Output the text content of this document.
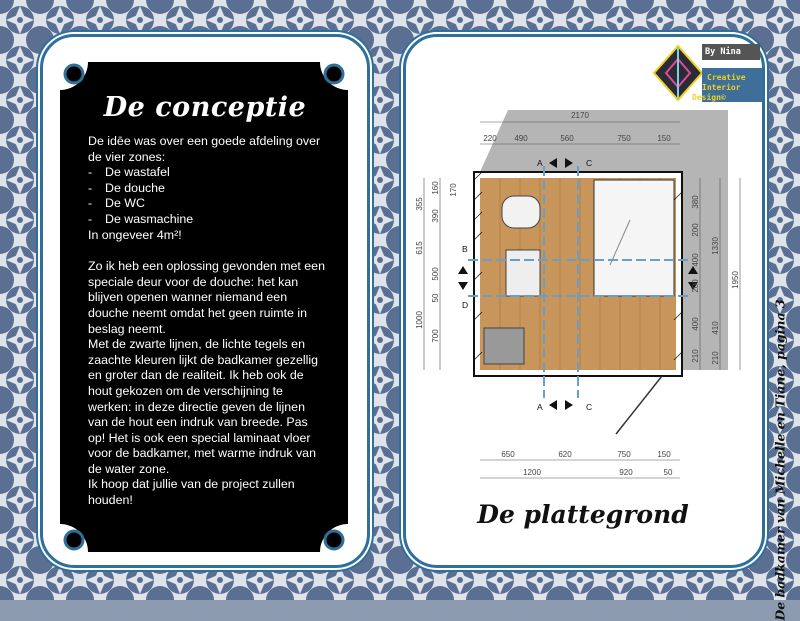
De conceptie

De idēe was over een goede afdeling over de vier zones:

- De wastafel
- De douche
- De WC
- De wasmachine

In ongeveer 4m²!

Zo ik heb een oplossing gevonden met een speciale deur voor de douche: het kan blijven openen wanner niemand een douche neemt omdat het geen ruimte in beslag neemt.
Met de zwarte lijnen, de lichte tegels en zaachte kleuren lijkt de badkamer gezellig en groter dan de realiteit. Ik heb ook de hout gekozen om de verschijning te werken: in deze directie geven de lijnen van de hout een indruk van breede. Pas op! Het is ook een special laminaat vloer voor de badkamer, met warme indruk van de water zone.
Ik hoop dat jullie van de project zullen houden!

By Nina
Creative
Interior
Design©
De badkamer van Michelle en Tiane, pagina 3
A	C
A	C
B
D
2170
220 490	560	750	150
650	620	750	150
1200	920	50
355
615
1000
160
390
500
50
700
170
380
200
400
200
400
210
1330
410
210
1950
De plattegrond
